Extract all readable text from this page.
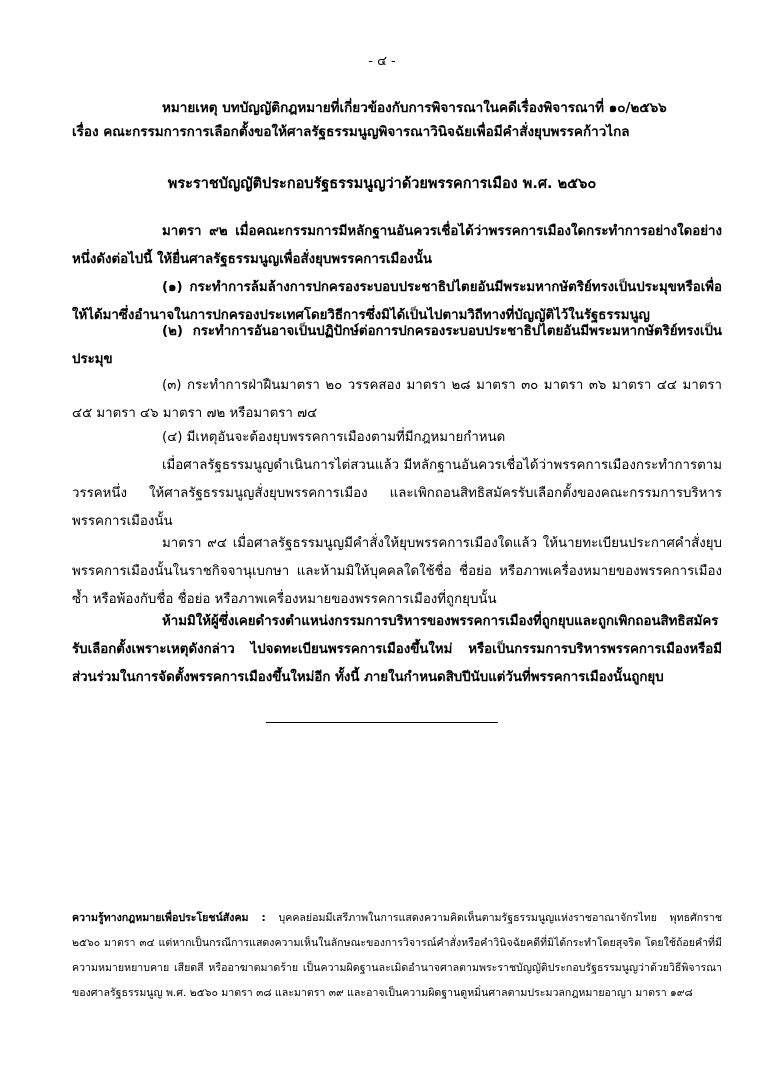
- ๔ -
หมายเหตุ บทบัญญัติกฎหมายที่เกี่ยวข้องกับการพิจารณาในคดีเรื่องพิจารณาที่ ๑๐/๒๕๖๖
เรื่อง คณะกรรมการการเลือกตั้งขอให้ศาลรัฐธรรมนูญพิจารณาวินิจฉัยเพื่อมีคำสั่งยุบพรรคก้าวไกล
พระราชบัญญัติประกอบรัฐธรรมนูญว่าด้วยพรรคการเมือง พ.ศ. ๒๕๖๐
มาตรา ๙๒ เมื่อคณะกรรมการมีหลักฐานอันควรเชื่อได้ว่าพรรคการเมืองใดกระทำการอย่างใดอย่างหนึ่งดังต่อไปนี้ ให้ยื่นศาลรัฐธรรมนูญเพื่อสั่งยุบพรรคการเมืองนั้น
(๑) กระทำการล้มล้างการปกครองระบอบประชาธิปไตยอันมีพระมหากษัตริย์ทรงเป็นประมุขหรือเพื่อให้ได้มาซึ่งอำนาจในการปกครองประเทศโดยวิธีการซึ่งมิได้เป็นไปตามวิถีทางที่บัญญัติไว้ในรัฐธรรมนูญ
(๒) กระทำการอันอาจเป็นปฏิปักษ์ต่อการปกครองระบอบประชาธิปไตยอันมีพระมหากษัตริย์ทรงเป็นประมุข
(๓) กระทำการฝ่าฝืนมาตรา ๒๐ วรรคสอง มาตรา ๒๘ มาตรา ๓๐ มาตรา ๓๖ มาตรา ๔๔ มาตรา ๔๕ มาตรา ๔๖ มาตรา ๗๒ หรือมาตรา ๗๔
(๔) มีเหตุอันจะต้องยุบพรรคการเมืองตามที่มีกฎหมายกำหนด
เมื่อศาลรัฐธรรมนูญดำเนินการไต่สวนแล้ว มีหลักฐานอันควรเชื่อได้ว่าพรรคการเมืองกระทำการตามวรรคหนึ่ง ให้ศาลรัฐธรรมนูญสั่งยุบพรรคการเมือง และเพิกถอนสิทธิสมัครรับเลือกตั้งของคณะกรรมการบริหารพรรคการเมืองนั้น
มาตรา ๙๔ เมื่อศาลรัฐธรรมนูญมีคำสั่งให้ยุบพรรคการเมืองใดแล้ว ให้นายทะเบียนประกาศคำสั่งยุบพรรคการเมืองนั้นในราชกิจจานุเบกษา และห้ามมิให้บุคคลใดใช้ชื่อ ชื่อย่อ หรือภาพเครื่องหมายของพรรคการเมืองซ้ำ หรือพ้องกับชื่อ ชื่อย่อ หรือภาพเครื่องหมายของพรรคการเมืองที่ถูกยุบนั้น
ห้ามมิให้ผู้ซึ่งเคยดำรงตำแหน่งกรรมการบริหารของพรรคการเมืองที่ถูกยุบและถูกเพิกถอนสิทธิสมัครรับเลือกตั้งเพราะเหตุดังกล่าว ไปจดทะเบียนพรรคการเมืองขึ้นใหม่ หรือเป็นกรรมการบริหารพรรคการเมืองหรือมีส่วนร่วมในการจัดตั้งพรรคการเมืองขึ้นใหม่อีก ทั้งนี้ ภายในกำหนดสิบปีนับแต่วันที่พรรคการเมืองนั้นถูกยุบ
ความรู้ทางกฎหมายเพื่อประโยชน์สังคม : บุคคลย่อมมีเสรีภาพในการแสดงความคิดเห็นตามรัฐธรรมนูญแห่งราชอาณาจักรไทย พุทธศักราช ๒๕๖๐ มาตรา ๓๔ แต่หากเป็นกรณีการแสดงความเห็นในลักษณะของการวิจารณ์คำสั่งหรือคำวินิจฉัยคดีที่มิได้กระทำโดยสุจริต โดยใช้ถ้อยคำที่มีความหมายหยาบคาย เสียดสี หรืออาฆาตมาดร้าย เป็นความผิดฐานละเมิดอำนาจศาลตามพระราชบัญญัติประกอบรัฐธรรมนูญว่าด้วยวิธีพิจารณาของศาลรัฐธรรมนูญ พ.ศ. ๒๕๖๐ มาตรา ๓๘ และมาตรา ๓๙ และอาจเป็นความผิดฐานดูหมิ่นศาลตามประมวลกฎหมายอาญา มาตรา ๑๙๘
